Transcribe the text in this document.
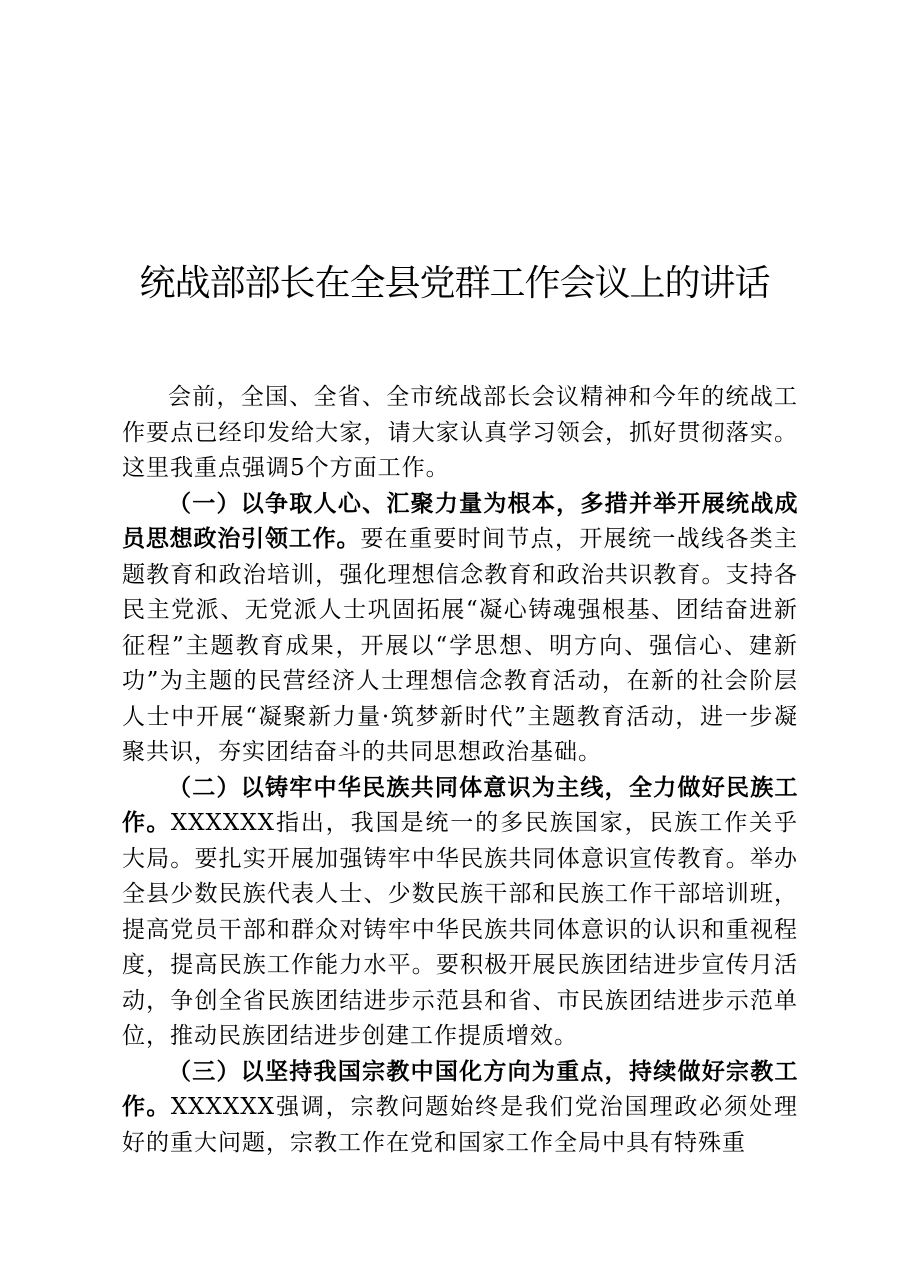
统战部部长在全县党群工作会议上的讲话

会前，全国、全省、全市统战部长会议精神和今年的统战工作要点已经印发给大家，请大家认真学习领会，抓好贯彻落实。这里我重点强调5个方面工作。

（一）以争取人心、汇聚力量为根本，多措并举开展统战成员思想政治引领工作。要在重要时间节点，开展统一战线各类主题教育和政治培训，强化理想信念教育和政治共识教育。支持各民主党派、无党派人士巩固拓展“凝心铸魂强根基、团结奋进新征程”主题教育成果，开展以“学思想、明方向、强信心、建新功”为主题的民营经济人士理想信念教育活动，在新的社会阶层人士中开展“凝聚新力量·筑梦新时代”主题教育活动，进一步凝聚共识，夯实团结奋斗的共同思想政治基础。

（二）以铸牢中华民族共同体意识为主线，全力做好民族工作。XXXXXX指出，我国是统一的多民族国家，民族工作关乎大局。要扎实开展加强铸牢中华民族共同体意识宣传教育。举办全县少数民族代表人士、少数民族干部和民族工作干部培训班，提高党员干部和群众对铸牢中华民族共同体意识的认识和重视程度，提高民族工作能力水平。要积极开展民族团结进步宣传月活动，争创全省民族团结进步示范县和省、市民族团结进步示范单位，推动民族团结进步创建工作提质增效。

（三）以坚持我国宗教中国化方向为重点，持续做好宗教工作。XXXXXX强调，宗教问题始终是我们党治国理政必须处理好的重大问题，宗教工作在党和国家工作全局中具有特殊重
